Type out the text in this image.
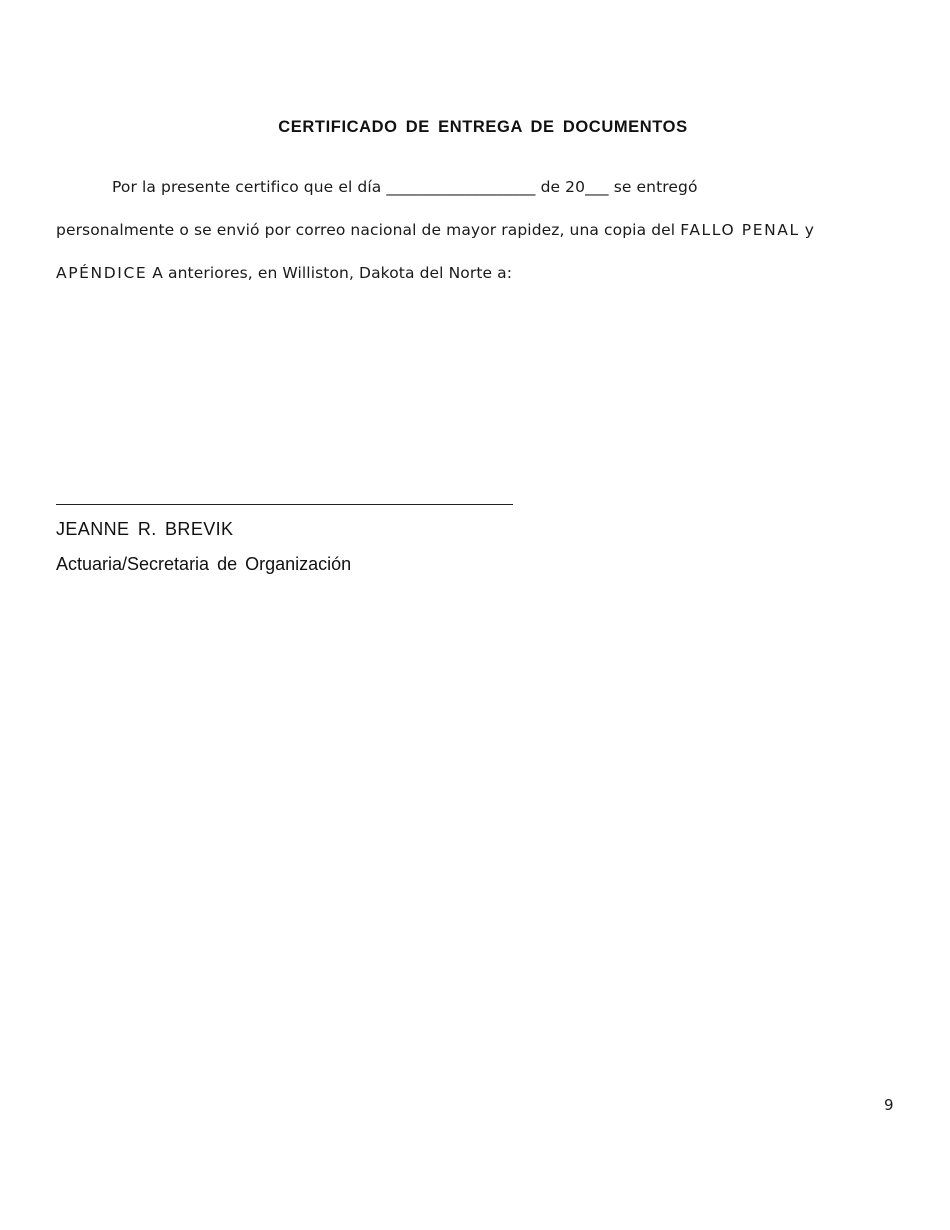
CERTIFICADO DE ENTREGA DE DOCUMENTOS
Por la presente certifico que el día ___________________ de 20___ se entregó
personalmente o se envió por correo nacional de mayor rapidez, una copia del FALLO PENAL y
APÉNDICE A anteriores, en Williston, Dakota del Norte a:
JEANNE R. BREVIK
Actuaria/Secretaria de Organización
9
